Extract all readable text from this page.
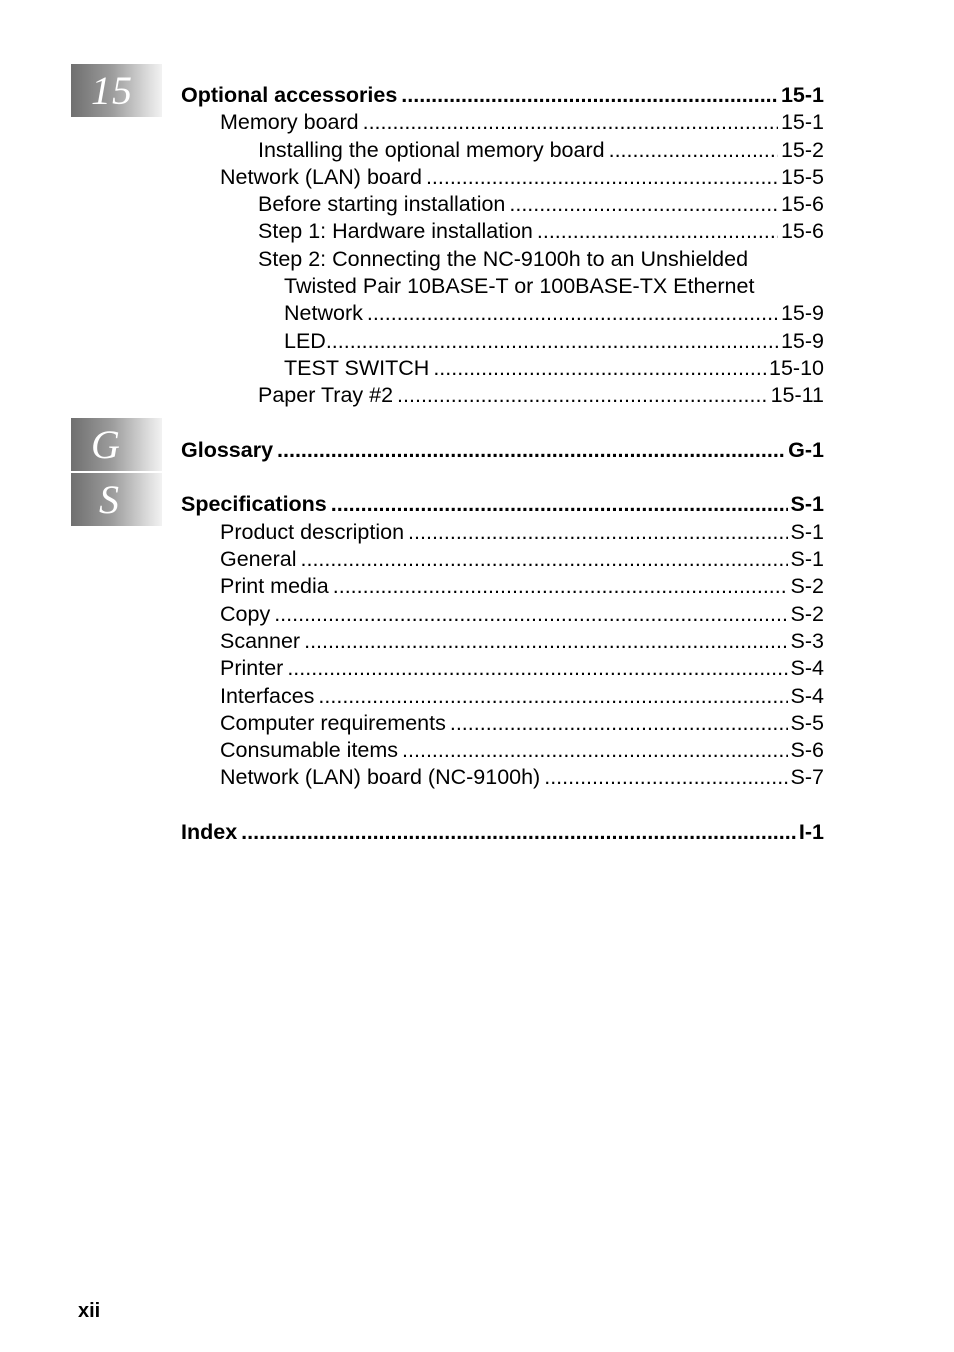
15
G
S
Optional accessories .....	15-1
Memory board .....	15-1
Installing the optional memory board .....	15-2
Network (LAN) board .....	15-5
Before starting installation .....	15-6
Step 1: Hardware installation .....	15-6
Step 2: Connecting the NC-9100h to an Unshielded
Twisted Pair 10BASE-T or 100BASE-TX Ethernet
Network .....	15-9
LED .....	15-9
TEST SWITCH .....	15-10
Paper Tray #2 .....	15-11
Glossary .....	G-1
Specifications .....	S-1
Product description .....	S-1
General .....	S-1
Print media .....	S-2
Copy .....	S-2
Scanner .....	S-3
Printer .....	S-4
Interfaces .....	S-4
Computer requirements .....	S-5
Consumable items .....	S-6
Network (LAN) board (NC-9100h) .....	S-7
Index .....	I-1
xii
